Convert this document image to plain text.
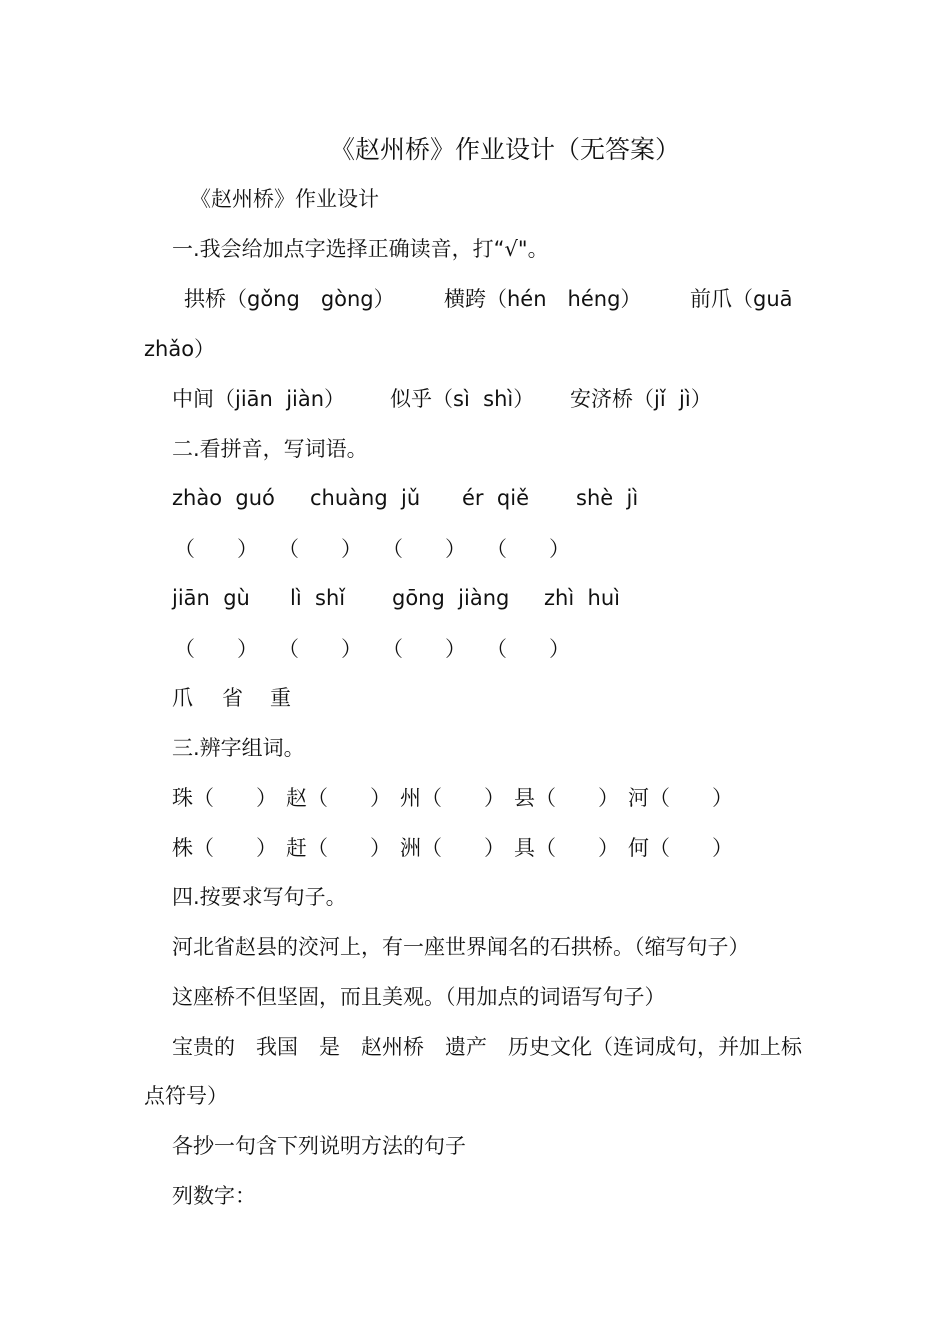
《赵州桥》作业设计（无答案）

《赵州桥》作业设计

一.我会给加点字选择正确读音，打“√"。

拱桥（gǒng　gòng）

横跨（hén　héng）

前爪（guā

zhǎo）

中间（jiān  jiàn）

似乎（sì  shì）

安济桥（jǐ  jì）

二.看拼音，写词语。

zhào  guó

chuàng  jǔ

ér  qiě

shè  jì

（　　）

（　　）

（　　）

（　　）

jiān  gù

lì  shǐ

gōng  jiàng

zhì  huì

（　　）

（　　）

（　　）

（　　）

爪

省

重

三.辨字组词。

珠（　　）

赵（　　）

州（　　）

县（　　）

河（　　）

株（　　）

赶（　　）

洲（　　）

具（　　）

何（　　）

四.按要求写句子。

河北省赵县的洨河上，有一座世界闻名的石拱桥。（缩写句子）

这座桥不但坚固，而且美观。（用加点的词语写句子）

宝贵的　我国　是　赵州桥　遗产　历史文化（连词成句，并加上标

点符号）

各抄一句含下列说明方法的句子

列数字：
